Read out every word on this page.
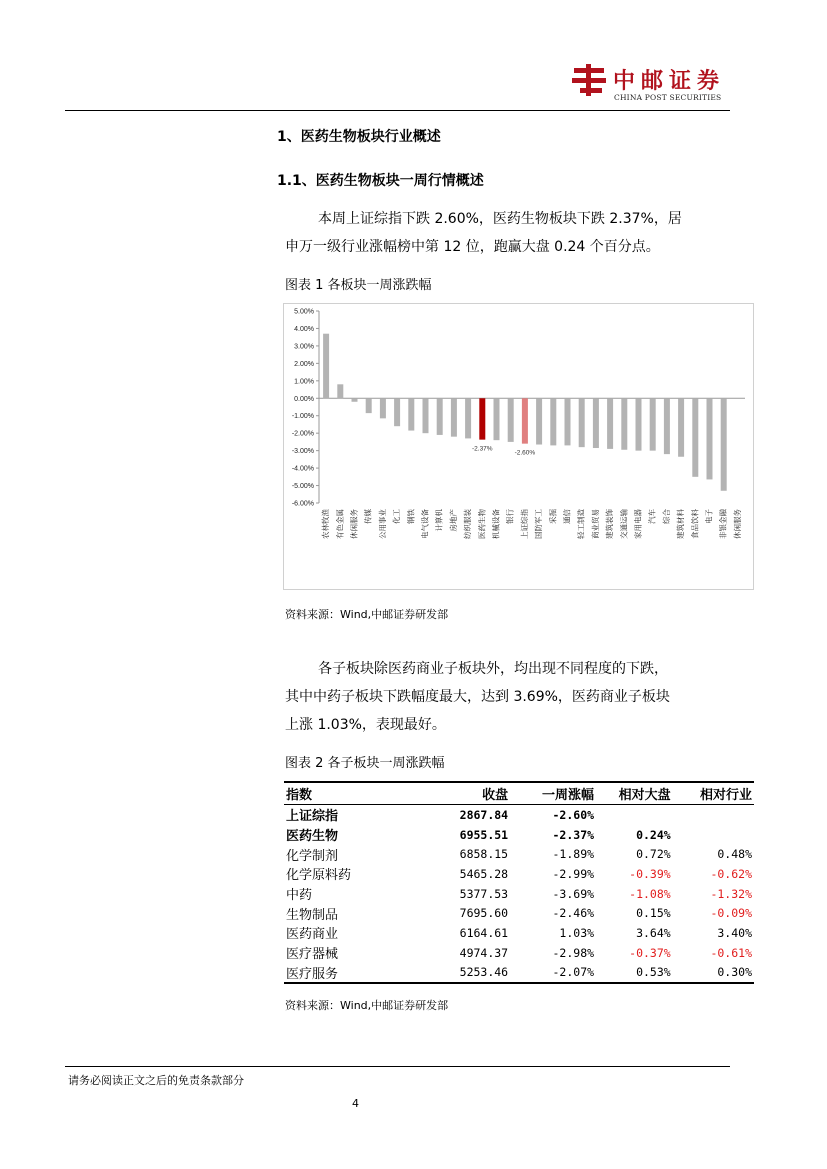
中邮证券
CHINA POST SECURITIES
1、医药生物板块行业概述
1.1、医药生物板块一周行情概述
本周上证综指下跌 2.60%，医药生物板块下跌 2.37%，居
申万一级行业涨幅榜中第 12 位，跑赢大盘 0.24 个百分点。
图表 1 各板块一周涨跌幅
5.00%
4.00%
3.00%
2.00%
1.00%
0.00%
-1.00%
-2.00%
-3.00%
-4.00%
-5.00%
-6.00%
农林牧渔 有色金属 休闲服务 传媒 公用事业 化工 钢铁 电气设备 计算机 房地产 纺织服装
-2.37%
医药生物 机械设备 银行
-2.60%
上证综指 国防军工 采掘 通信 轻工制造 商业贸易 建筑装饰 交通运输 家用电器 汽车 综合 建筑材料 食品饮料 电子 非银金融 休闲服务
资料来源：Wind,中邮证券研发部
各子板块除医药商业子板块外，均出现不同程度的下跌，
其中中药子板块下跌幅度最大，达到 3.69%，医药商业子板块
上涨 1.03%，表现最好。
图表 2 各子板块一周涨跌幅
指数	收盘	一周涨幅	相对大盘	相对行业
上证综指	2867.84	-2.60%		
医药生物	6955.51	-2.37%	0.24%	
化学制剂	6858.15	-1.89%	0.72%	0.48%
化学原料药	5465.28	-2.99%	-0.39%	-0.62%
中药	5377.53	-3.69%	-1.08%	-1.32%
生物制品	7695.60	-2.46%	0.15%	-0.09%
医药商业	6164.61	1.03%	3.64%	3.40%
医疗器械	4974.37	-2.98%	-0.37%	-0.61%
医疗服务	5253.46	-2.07%	0.53%	0.30%
资料来源：Wind,中邮证券研发部
请务必阅读正文之后的免责条款部分
4
